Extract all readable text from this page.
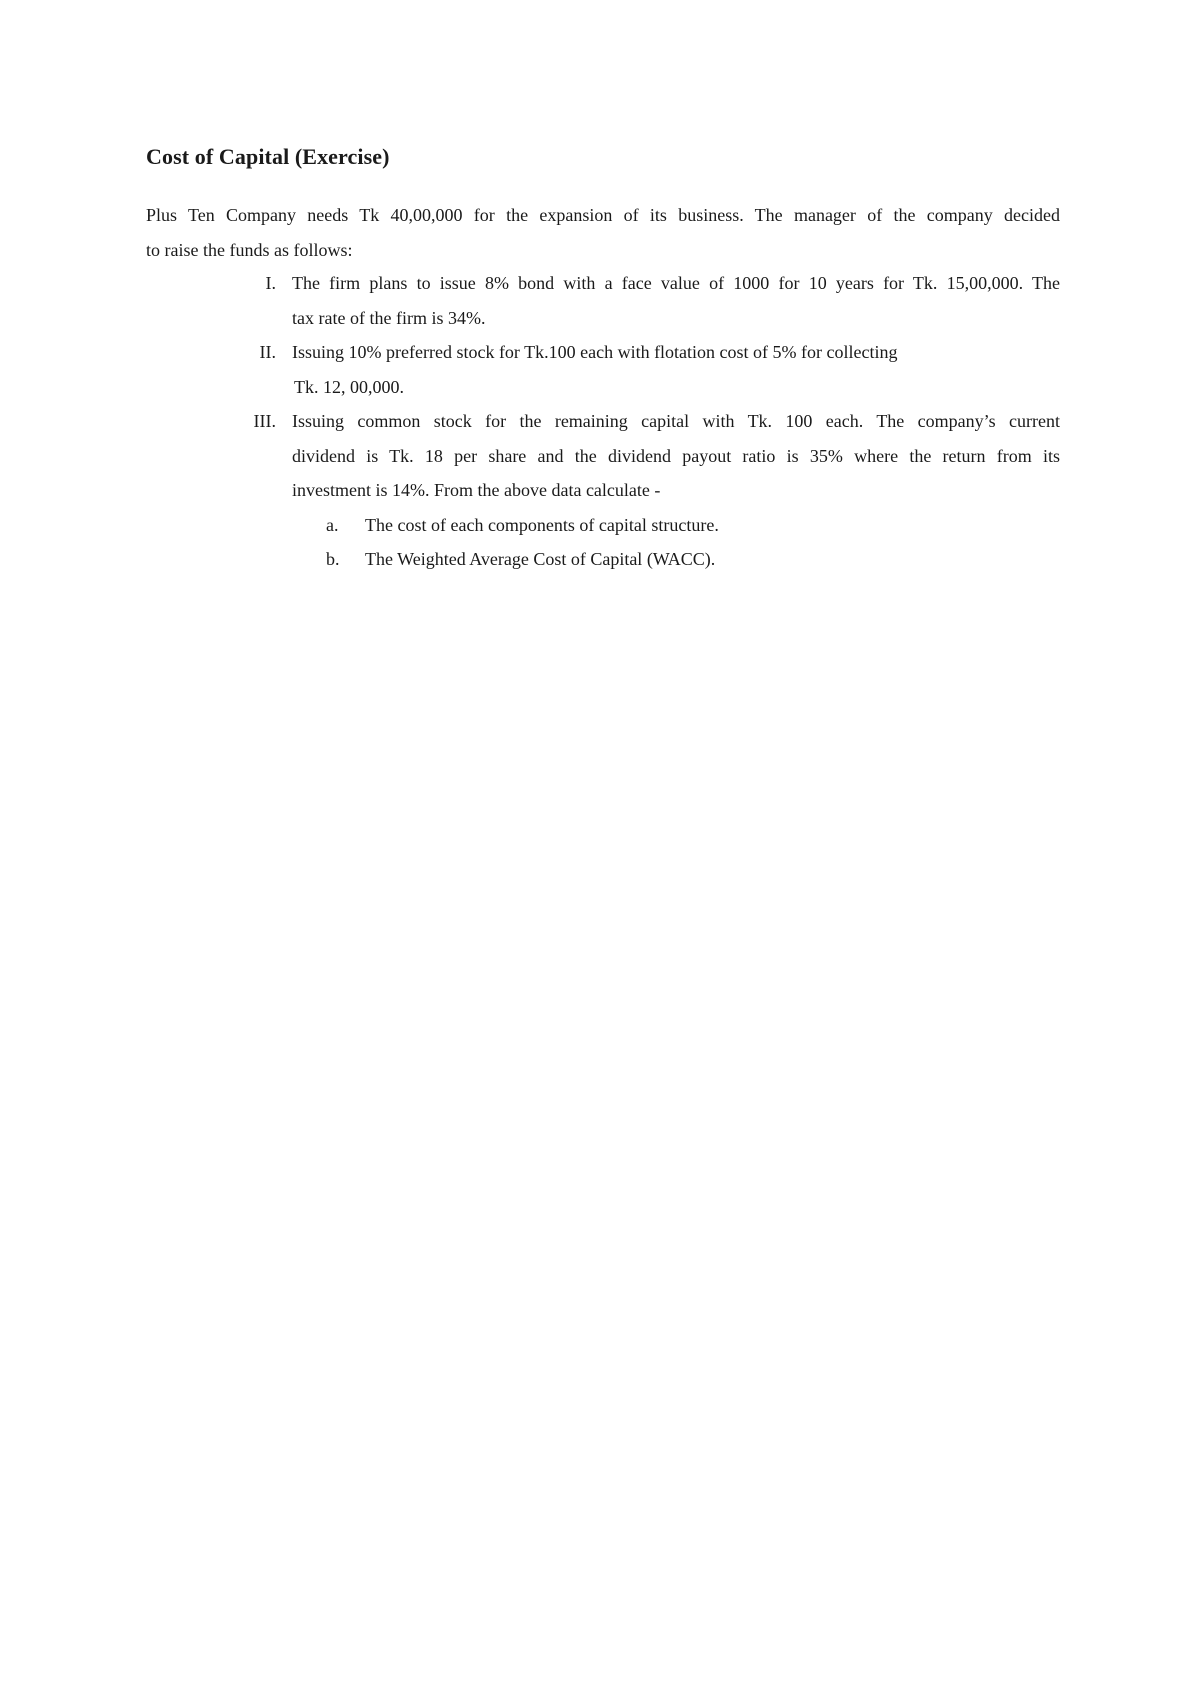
Cost of Capital (Exercise)

Plus Ten Company needs Tk 40,00,000 for the expansion of its business. The manager of the company decided
to raise the funds as follows:

I. The firm plans to issue 8% bond with a face value of 1000 for 10 years for Tk. 15,00,000. The
tax rate of the firm is 34%.
II. Issuing 10% preferred stock for Tk.100 each with flotation cost of 5% for collecting
Tk. 12, 00,000.
III. Issuing common stock for the remaining capital with Tk. 100 each. The company’s current
dividend is Tk. 18 per share and the dividend payout ratio is 35% where the return from its
investment is 14%. From the above data calculate -
a. The cost of each components of capital structure.
b. The Weighted Average Cost of Capital (WACC).
